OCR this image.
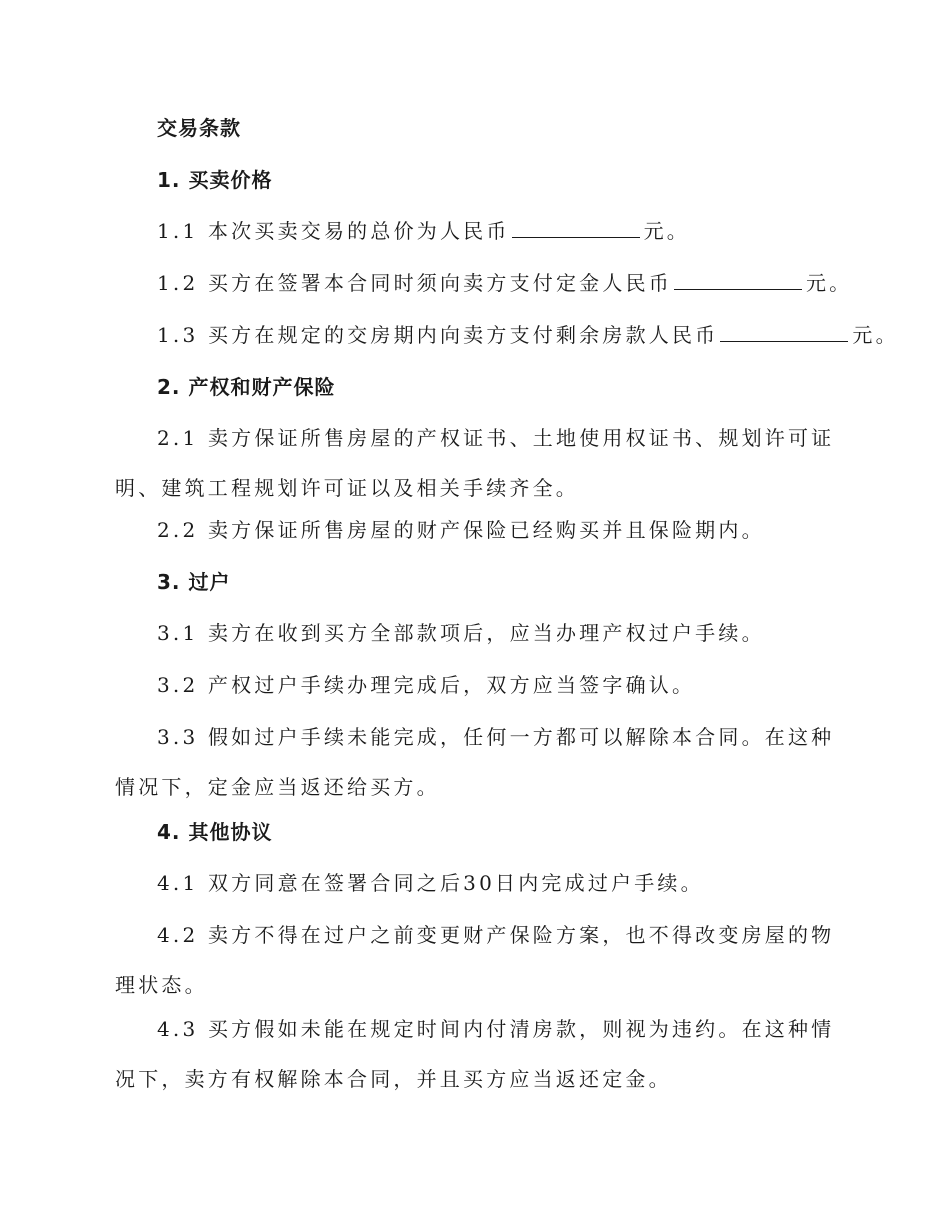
交易条款
1. 买卖价格
1.1 本次买卖交易的总价为人民币	元。
1.2 买方在签署本合同时须向卖方支付定金人民币	元。
1.3 买方在规定的交房期内向卖方支付剩余房款人民币	元。
2. 产权和财产保险
2.1 卖方保证所售房屋的产权证书、土地使用权证书、规划许可证明、建筑工程规划许可证以及相关手续齐全。
2.2 卖方保证所售房屋的财产保险已经购买并且保险期内。
3. 过户
3.1 卖方在收到买方全部款项后，应当办理产权过户手续。
3.2 产权过户手续办理完成后，双方应当签字确认。
3.3 假如过户手续未能完成，任何一方都可以解除本合同。在这种情况下，定金应当返还给买方。
4. 其他协议
4.1 双方同意在签署合同之后30日内完成过户手续。
4.2 卖方不得在过户之前变更财产保险方案，也不得改变房屋的物理状态。
4.3 买方假如未能在规定时间内付清房款，则视为违约。在这种情况下，卖方有权解除本合同，并且买方应当返还定金。
